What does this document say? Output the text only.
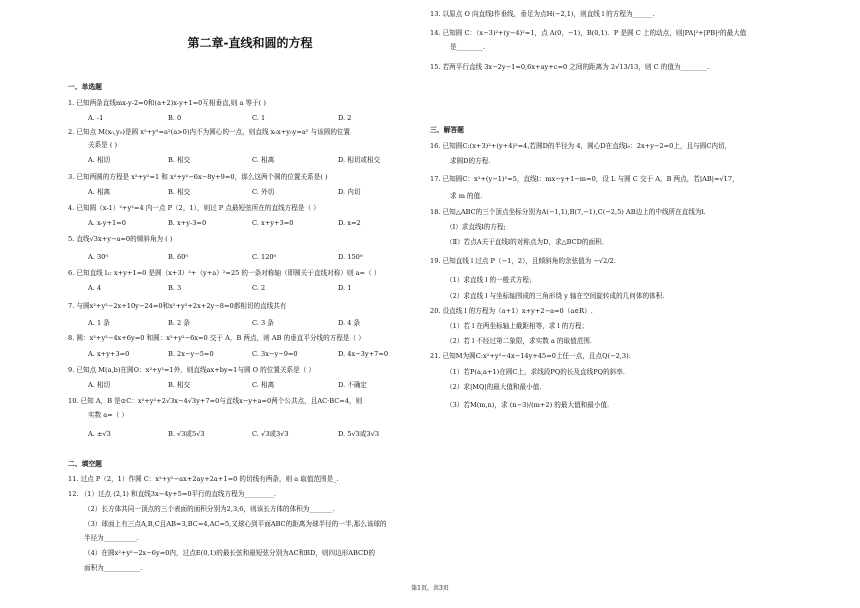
第二章-直线和圆的方程
一、单选题
1. 已知两条直线mx-y-2=0和(a+2)x-y+1=0互相垂直,则 a 等于( )
A. -1	B. 0	C. 1	D. 2
2. 已知点 M(x₀,y₀)是圆 x²+y²=a²(a>0)内不为圆心的一点，则直线 x₀x+y₀y=a² 与该圆的位置
关系是 ( )
A. 相切	B. 相交	C. 相离	D. 相切或相交
3. 已知两圆的方程是 x²+y²=1 和 x²+y²−6x−8y+9=0，那么这两个圆的位置关系是( )
A. 相离	B. 相交	C. 外切	D. 内切
4. 已知圆（x-1）²+y²=4 内一点 P（2，1），则过 P 点最短弦所在的直线方程是（ ）
A. x-y+1=0	B. x+y-3=0	C. x+y+3=0	D. x=2
5. 直线√3x+y−a=0的倾斜角为 ( )
A. 30⁰	B. 60⁰	C. 120⁰	D. 150⁰
6. 已知直线 l₁: x+y+1=0 是圆（x+3）²+（y+a）²=25 的一条对称轴（即圆关于直线对称）则 a=（ ）
A. 4	B. 3	C. 2	D. 1
7. 与圆x²+y²−2x+10y−24=0和x²+y²+2x+2y−8=0都相切的直线共有
A. 1 条	B. 2 条	C. 3 条	D. 4 条
8. 圆：x²+y²−4x+6y=0 和圆：x²+y²−6x=0 交于 A，B 两点，则 AB 的垂直平分线的方程是（ ）
A. x+y+3=0	B. 2x−y−5=0	C. 3x−y−9=0	D. 4x−3y+7=0
9. 已知点 M(a,b)在圆O：x²+y²=1外，则直线ax+by=1与圆 O 的位置关系是（ ）
A. 相切	B. 相交	C. 相离	D. 不确定
10. 已知 A，B 是⊙C：x²+y²+2√3x−4√3y+7=0与直线x−y+a=0两个公共点，且AC·BC=4，则
实数 a=（ ）
A. ±√3	B. √3或5√3	C. √3或3√3	D. 5√3或3√3
二、填空题
11. 过点 P（2，1）作圆 C：x²+y²−ax+2ay+2a+1=0 的切线有两条，则 a 取值范围是_.
12. （1）过点 (2,1) 和直线3x−4y+5=0平行的直线方程为_________.
（2）长方体共同一顶点的三个表面的面积分别为2,3,6，则该长方体的体积为_______.
（3）球面上有三点A,B,C且AB=3,BC=4,AC=5,又球心到平面ABC的距离为球半径的一半,那么该球的
半径为__________.
（4）在圆x²+y²−2x−6y=0内，过点E(0,1)的最长弦和最短弦分别为AC和BD，则四边形ABCD的
面积为___________.
13. 以原点 O 向直线l作垂线，垂足为点H(−2,1)，则直线 l 的方程为______.
14. 已知圆 C：（x−3)²+(y−4)²=1，点 A(0，−1)，B(0,1)．P 是圆 C 上的动点，则|PA|²+|PB|²的最大值
是________.
15. 若两平行直线 3x−2y−1=0,6x+ay+c=0 之间的距离为 2√13/13，则 C 的值为________.
三、解答题
16. 已知圆C:(x+3)²+(y+4)²=4,若圆D的半径为 4，圆心D在直线l₀：2x+y−2=0上，且与圆C内切，
求圆D的方程.
17. 已知圆C：x²+(y−1)²=5，直线l：mx−y+1−m=0，设 L 与圆 C 交于 A，B 两点，若|AB|=√17，
求 m 的值.
18. 已知△ABC的三个顶点坐标分别为A(−1,1),B(7,−1),C(−2,5) AB边上的中线所在直线为l.
（Ⅰ）求直线l的方程;
（Ⅱ）若点A关于直线l的对称点为D，求△BCD的面积.
19. 已知直线 l 过点 P（−1，2），且倾斜角的余弦值为 −√2/2.
（1）求直线 l 的一般式方程；
（2）求直线 l 与坐标轴围成的三角形绕 y 轴在空间旋转成的几何体的体积.
20. 设直线 l 的方程为（a+1）x+y+2−a=0（a∈R）.
（1）若 l 在两坐标轴上截距相等，求 l 的方程；
（2）若 l 不经过第二象限，求实数 a 的取值范围.
21. 已知M为圆C:x²+y²−4x−14y+45=0上任一点，且点Q(−2,3).
（1）若P(a,a+1)在圆C上，求线段PQ的长及直线PQ的斜率.
（2）求|MQ|的最大值和最小值.
（3）若M(m,n)，求 (n−3)/(m+2) 的最大值和最小值.
第1页，共3页
